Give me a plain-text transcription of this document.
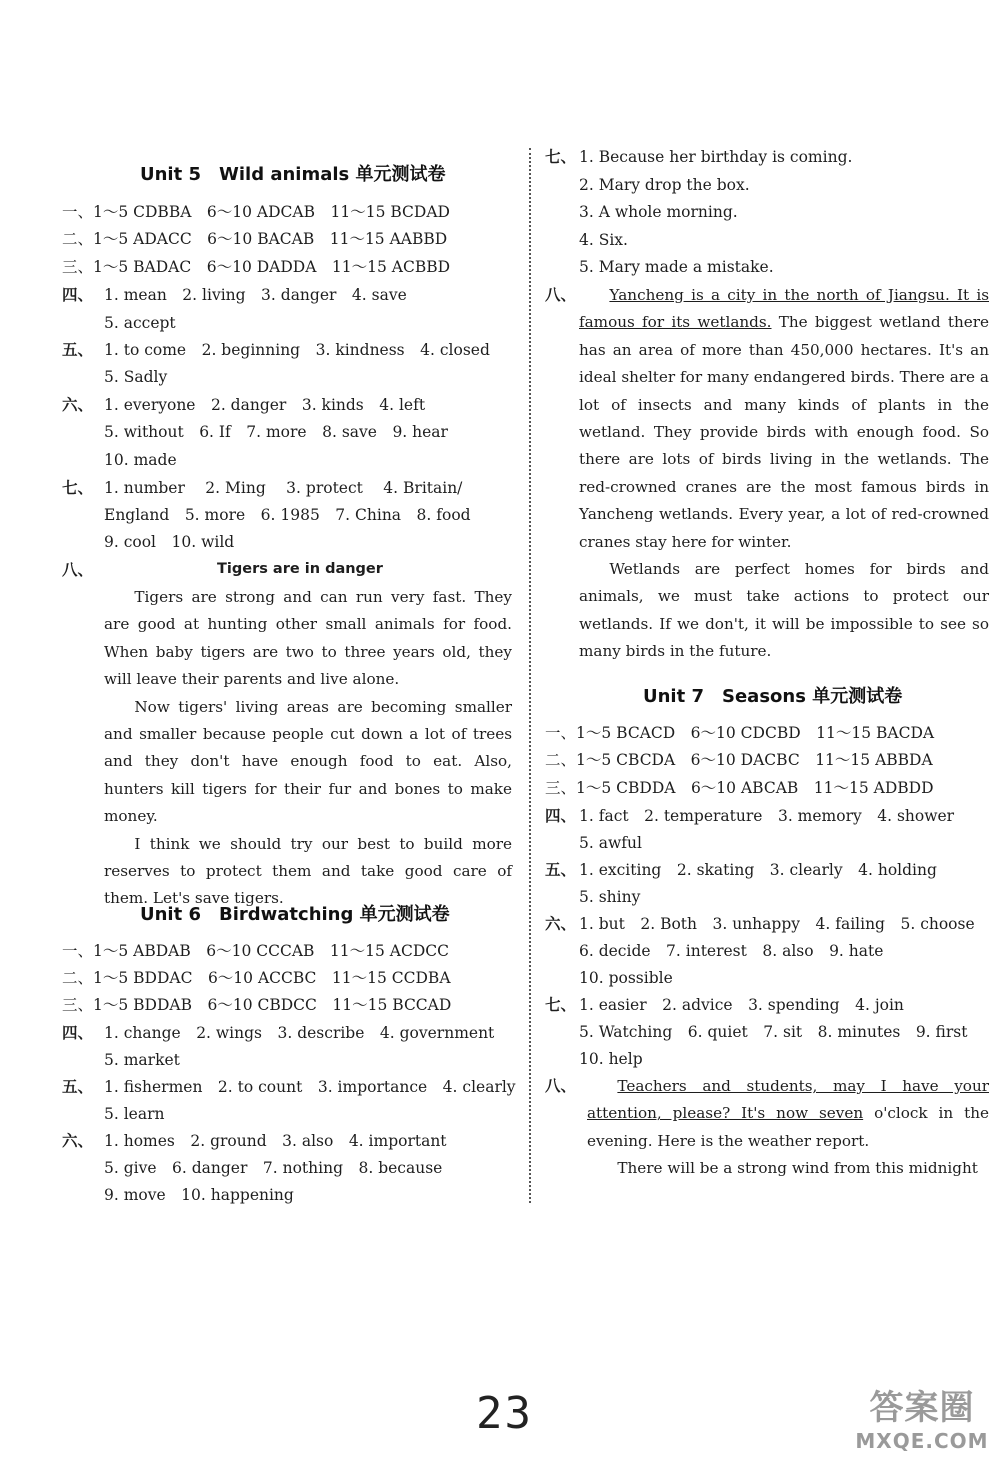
Unit 5　Wild animals 单元测试卷
一、1～5 CDBBA　6～10 ADCAB　11～15 BCDAD
二、1～5 ADACC　6～10 BACAB　11～15 AABBD
三、1～5 BADAC　6～10 DADDA　11～15 ACBBD
四、 1. mean　2. living　3. danger　4. save
5. accept
五、 1. to come　2. beginning　3. kindness　4. closed
5. Sadly
六、 1. everyone　2. danger　3. kinds　4. left
5. without　6. If　7. more　8. save　9. hear
10. made
七、 1. number　 2. Ming　 3. protect　 4. Britain/
England　5. more　6. 1985　7. China　8. food
9. cool　10. wild
八、	Tigers are in danger

Tigers are strong and can run very fast. They are good at hunting other small animals for food. When baby tigers are two to three years old, they will leave their parents and live alone.

Now tigers' living areas are becoming smaller and smaller because people cut down a lot of trees and they don't have enough food to eat. Also, hunters kill tigers for their fur and bones to make money.

I think we should try our best to build more reserves to protect them and take good care of them. Let's save tigers.

Unit 6　Birdwatching 单元测试卷
一、1～5 ABDAB　6～10 CCCAB　11～15 ACDCC
二、1～5 BDDAC　6～10 ACCBC　11～15 CCDBA
三、1～5 BDDAB　6～10 CBDCC　11～15 BCCAD
四、 1. change　2. wings　3. describe　4. government
5. market
五、 1. fishermen　2. to count　3. importance　4. clearly
5. learn
六、 1. homes　2. ground　3. also　4. important
5. give　6. danger　7. nothing　8. because
9. move　10. happening
七、 1. Because her birthday is coming.
2. Mary drop the box.
3. A whole morning.
4. Six.
5. Mary made a mistake.
八、	Yancheng is a city in the north of Jiangsu. It is famous for its wetlands. The biggest wetland there has an area of more than 450,000 hectares. It's an ideal shelter for many endangered birds. There are a lot of insects and many kinds of plants in the wetland. They provide birds with enough food. So there are lots of birds living in the wetlands. The red-crowned cranes are the most famous birds in Yancheng wetlands. Every year, a lot of red-crowned cranes stay here for winter.

Wetlands are perfect homes for birds and animals, we must take actions to protect our wetlands. If we don't, it will be impossible to see so many birds in the future.

Unit 7　Seasons 单元测试卷
一、1～5 BCACD　6～10 CDCBD　11～15 BACDA
二、1～5 CBCDA　6～10 DACBC　11～15 ABBDA
三、1～5 CBDDA　6～10 ABCAB　11～15 ADBDD
四、 1. fact　2. temperature　3. memory　4. shower
5. awful
五、 1. exciting　2. skating　3. clearly　4. holding
5. shiny
六、 1. but　2. Both　3. unhappy　4. failing　5. choose
6. decide　7. interest　8. also　9. hate
10. possible
七、 1. easier　2. advice　3. spending　4. join
5. Watching　6. quiet　7. sit　8. minutes　9. first
10. help
八、	Teachers and students, may I have your attention, please? It's now seven o'clock in the evening. Here is the weather report.

There will be a strong wind from this midnight

23	答案圈
MXQE.COM
